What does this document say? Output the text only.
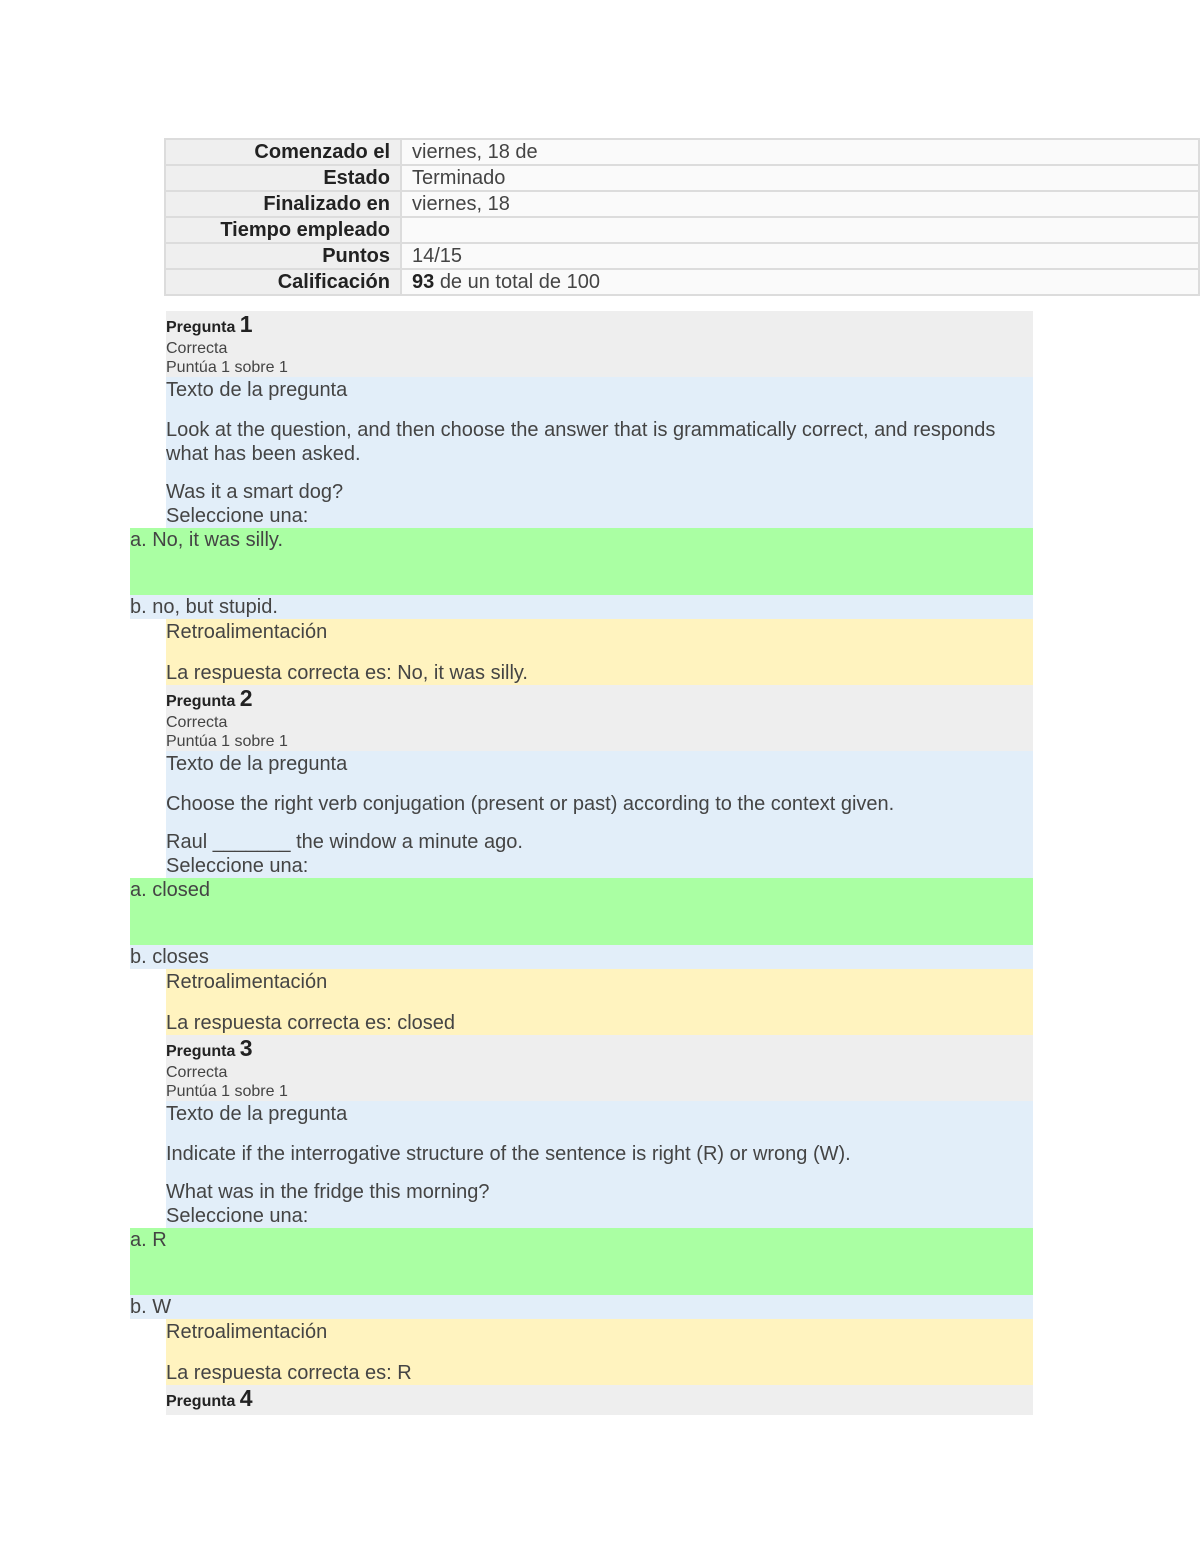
Comenzado el	viernes, 18 de
Estado	Terminado
Finalizado en	viernes, 18
Tiempo empleado	
Puntos	14/15
Calificación	93 de un total de 100
Pregunta 1
Correcta
Puntúa 1 sobre 1
Texto de la pregunta
Look at the question, and then choose the answer that is grammatically correct, and responds what has been asked.
Was it a smart dog?
Seleccione una:
a. No, it was silly.
b. no, but stupid.
Retroalimentación
La respuesta correcta es: No, it was silly.
Pregunta 2
Correcta
Puntúa 1 sobre 1
Texto de la pregunta
Choose the right verb conjugation (present or past) according to the context given.
Raul _______ the window a minute ago.
Seleccione una:
a. closed
b. closes
Retroalimentación
La respuesta correcta es: closed
Pregunta 3
Correcta
Puntúa 1 sobre 1
Texto de la pregunta
Indicate if the interrogative structure of the sentence is right (R) or wrong (W).
What was in the fridge this morning?
Seleccione una:
a. R
b. W
Retroalimentación
La respuesta correcta es: R
Pregunta 4
